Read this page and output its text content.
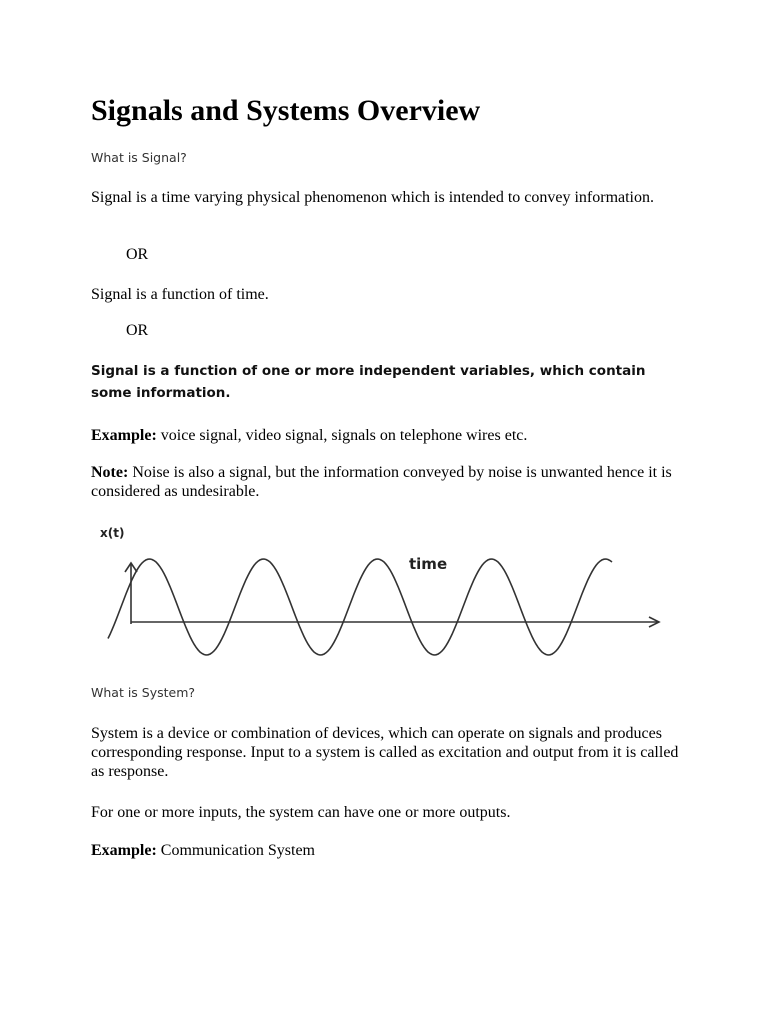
Signals and Systems Overview
What is Signal?
Signal is a time varying physical phenomenon which is intended to convey information.
OR
Signal is a function of time.
OR
Signal is a function of one or more independent variables, which contain some information.
Example: voice signal, video signal, signals on telephone wires etc.
Note: Noise is also a signal, but the information conveyed by noise is unwanted hence it is considered as undesirable.
What is System?
System is a device or combination of devices, which can operate on signals and produces corresponding response. Input to a system is called as excitation and output from it is called as response.
For one or more inputs, the system can have one or more outputs.
Example: Communication System
x(t)
time
